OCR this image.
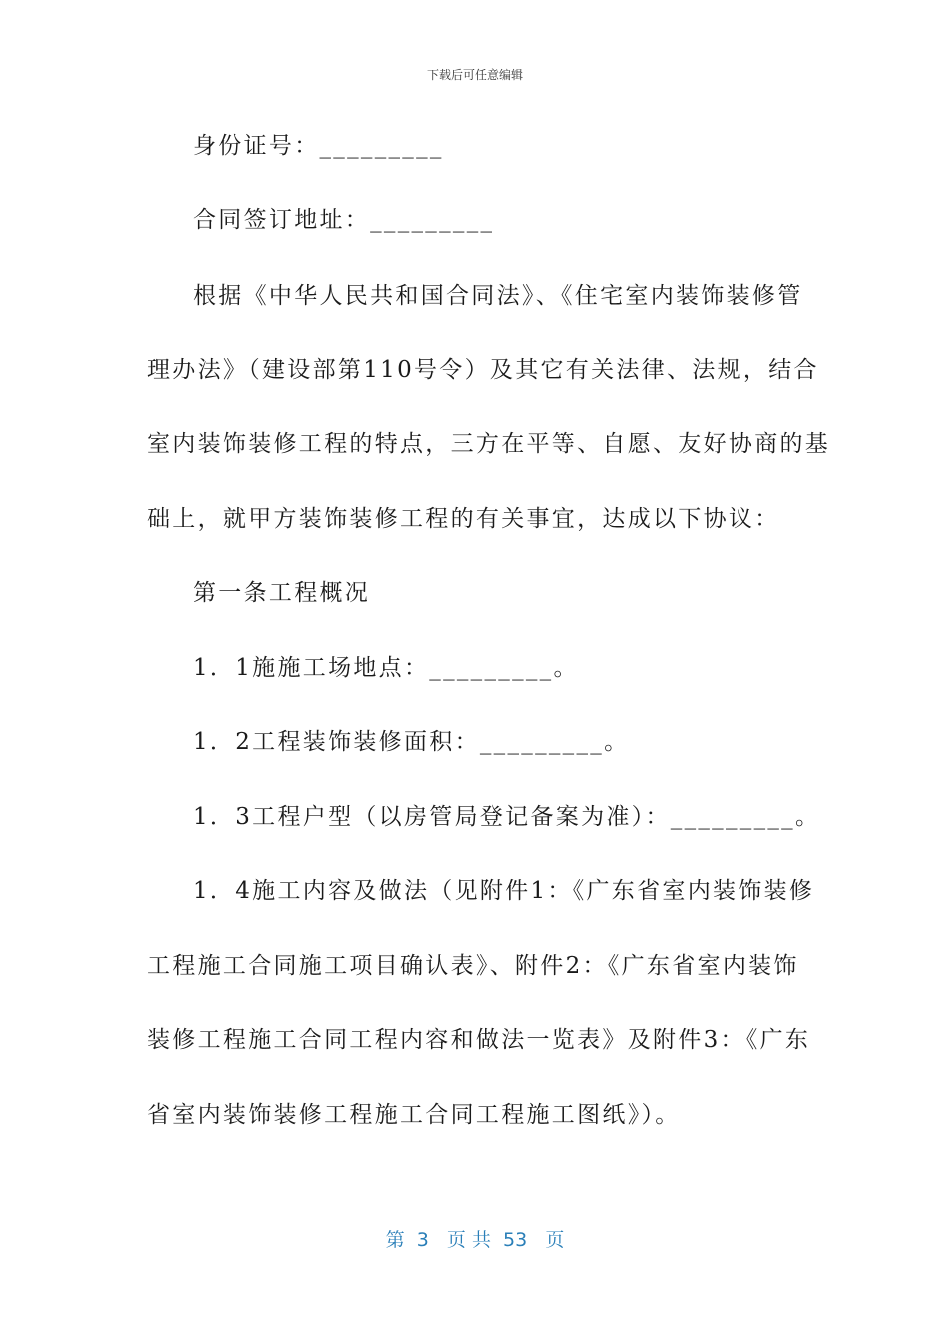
下载后可任意编辑
身份证号：_________
合同签订地址：_________
根据《中华人民共和国合同法》、《住宅室内装饰装修管
理办法》（建设部第110号令）及其它有关法律、法规，结合
室内装饰装修工程的特点，三方在平等、自愿、友好协商的基
础上，就甲方装饰装修工程的有关事宜，达成以下协议：
第一条工程概况
1．1施施工场地点：_________。
1．2工程装饰装修面积：_________。
1．3工程户型（以房管局登记备案为准）：_________。
1．4施工内容及做法（见附件1：《广东省室内装饰装修
工程施工合同施工项目确认表》、附件2：《广东省室内装饰
装修工程施工合同工程内容和做法一览表》及附件3：《广东
省室内装饰装修工程施工合同工程施工图纸》）。
第  3   页 共  53   页
